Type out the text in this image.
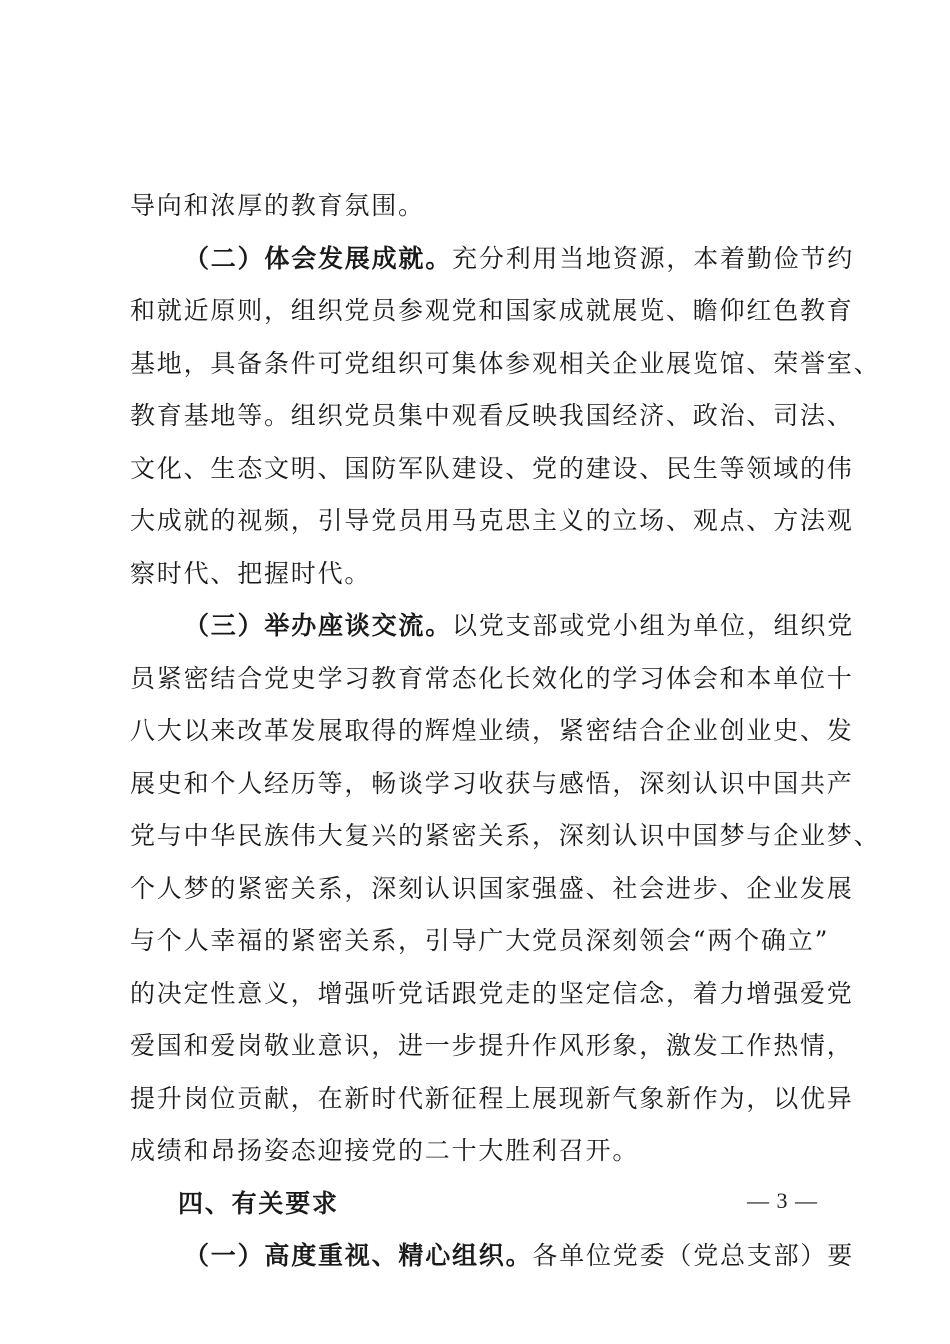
导向和浓厚的教育氛围。

（二）体会发展成就。充分利用当地资源，本着勤俭节约
和就近原则，组织党员参观党和国家成就展览、瞻仰红色教育
基地，具备条件可党组织可集体参观相关企业展览馆、荣誉室、
教育基地等。组织党员集中观看反映我国经济、政治、司法、
文化、生态文明、国防军队建设、党的建设、民生等领域的伟
大成就的视频，引导党员用马克思主义的立场、观点、方法观
察时代、把握时代。

（三）举办座谈交流。以党支部或党小组为单位，组织党
员紧密结合党史学习教育常态化长效化的学习体会和本单位十
八大以来改革发展取得的辉煌业绩，紧密结合企业创业史、发
展史和个人经历等，畅谈学习收获与感悟，深刻认识中国共产
党与中华民族伟大复兴的紧密关系，深刻认识中国梦与企业梦、
个人梦的紧密关系，深刻认识国家强盛、社会进步、企业发展
与个人幸福的紧密关系，引导广大党员深刻领会“两个确立”
的决定性意义，增强听党话跟党走的坚定信念，着力增强爱党
爱国和爱岗敬业意识，进一步提升作风形象，激发工作热情，
提升岗位贡献，在新时代新征程上展现新气象新作为，以优异
成绩和昂扬姿态迎接党的二十大胜利召开。

四、有关要求

（一）高度重视、精心组织。各单位党委（党总支部）要

— 3 —
